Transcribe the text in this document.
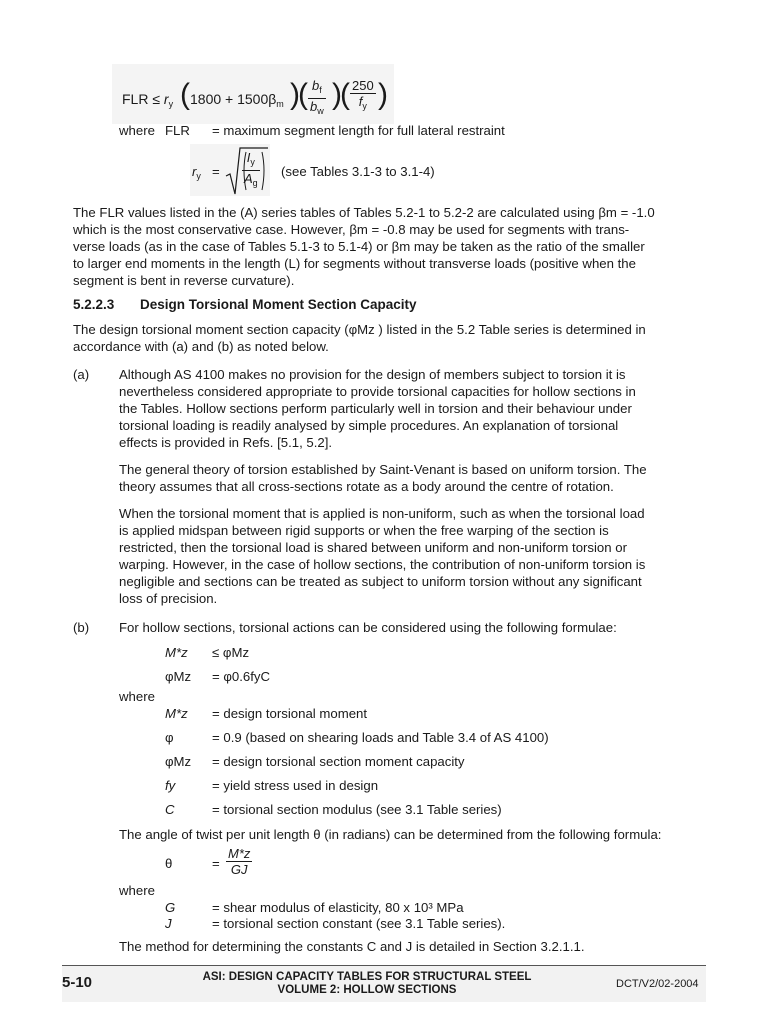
FLR ≤ $r_y$ ( $1800 + 1500\beta_m$ )
( $\frac{b_f}{b_w}$ )
( $\frac{250}{f_y}$ )
where FLR = maximum segment length for full lateral restraint
$r_y = \frac{I_y}{A_g} (see$ Tables 3.1-3 to 3.1-4)
The FLR values listed in the (A) series tables of Tables 5.2-1 to 5.2-2 are calculated using βm = -1.0
which is the most conservative case. However, βm = -0.8 may be used for segments with trans-
verse loads (as in the case of Tables 5.1-3 to 5.1-4) or βm may be taken as the ratio of the smaller
to larger end moments in the length (L) for segments without transverse loads (positive when the
segment is bent in reverse curvature).
5.2.2.3 Design Torsional Moment Section Capacity
The design torsional moment section capacity (φMz ) listed in the 5.2 Table series is determined in
accordance with (a) and (b) as noted below.
(a) Although AS 4100 makes no provision for the design of members subject to torsion it is
nevertheless considered appropriate to provide torsional capacities for hollow sections in
the Tables. Hollow sections perform particularly well in torsion and their behaviour under
torsional loading is readily analysed by simple procedures. An explanation of torsional
effects is provided in Refs. [5.1, 5.2].
The general theory of torsion established by Saint-Venant is based on uniform torsion. The
theory assumes that all cross-sections rotate as a body around the centre of rotation.
When the torsional moment that is applied is non-uniform, such as when the torsional load
is applied midspan between rigid supports or when the free warping of the section is
restricted, then the torsional load is shared between uniform and non-uniform torsion or
warping. However, in the case of hollow sections, the contribution of non-uniform torsion is
negligible and sections can be treated as subject to uniform torsion without any significant
loss of precision.
(b) For hollow sections, torsional actions can be considered using the following formulae:
M*z ≤ φMz
φMz = φ0.6fyC
where
M*z = design torsional moment
φ	= 0.9 (based on shearing loads and Table 3.4 of AS 4100)
φMz = design torsional section moment capacity
fy	= yield stress used in design
C	= torsional section modulus (see 3.1 Table series)
The angle of twist per unit length θ (in radians) can be determined from the following formula:
θ	= $\frac{M*z}{GJ}$
where
G	= shear modulus of elasticity, 80 x 10³ MPa
J	= torsional section constant (see 3.1 Table series).
The method for determining the constants C and J is detailed in Section 3.2.1.1.
5-10	ASI: DESIGN CAPACITY TABLES FOR STRUCTURAL STEEL
VOLUME 2: HOLLOW SECTIONS	DCT/V2/02-2004
